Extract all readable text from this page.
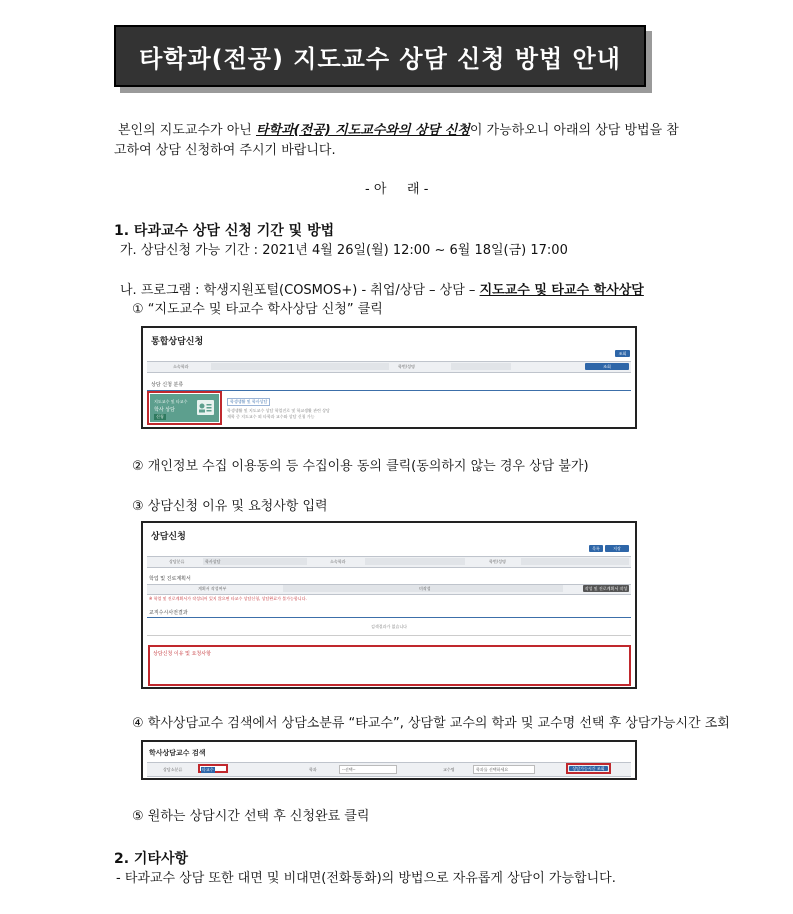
타학과(전공) 지도교수 상담 신청 방법 안내
본인의 지도교수가 아닌 타학과(전공) 지도교수와의 상담 신청이 가능하오니 아래의 상담 방법을 참
고하여 상담 신청하여 주시기 바랍니다.
- 아     래 -
1. 타과교수 상담 신청 기간 및 방법
가. 상담신청 가능 기간 : 2021년 4월 26일(월) 12:00 ~ 6월 18일(금) 17:00
나. 프로그램 : 학생지원포털(COSMOS+) - 취업/상담 – 상담 – 지도교수 및 타교수 학사상담
① “지도교수 및 타교수 학사상담 신청” 클릭
통합상담신청
조회
소속학과	학번/성명	조회
상담 신청 분류
지도교수 및 타교수
학사 상담
신청
학생생활 및 학사상담
학생생활 및 지도교수 상담 학업진로 및 학교생활 관련 상담
재학 중 지도교수 외 타학과 교수와 상담 신청 가능
② 개인정보 수집 이용동의 등 수집이용 동의 클릭(동의하지 않는 경우 상담 불가)
③ 상담신청 이유 및 요청사항 입력
상담신청
목록	저장
상담분류	학사상담	소속학과	학번/성명
학업 및 진로계획서
계획서 작성여부	미작성	작성 및 진로계획서 작성
※ 학업 및 진로계획서가 작성되어 있지 않으면 타교수 상담신청, 상담완료가 불가능합니다.
교직수시사전결과
검색결과가 없습니다
상담신청 이유 및 요청사항
④ 학사상담교수 검색에서 상담소분류 “타교수”, 상담할 교수의 학과 및 교수명 선택 후 상담가능시간 조회
학사상담교수 검색
상담소분류	타교수	학과	--선택--	교수명	학과를 선택하세요	상담가능시간 조회
⑤ 원하는 상담시간 선택 후 신청완료 클릭
2. 기타사항
- 타과교수 상담 또한 대면 및 비대면(전화통화)의 방법으로 자유롭게 상담이 가능합니다.
